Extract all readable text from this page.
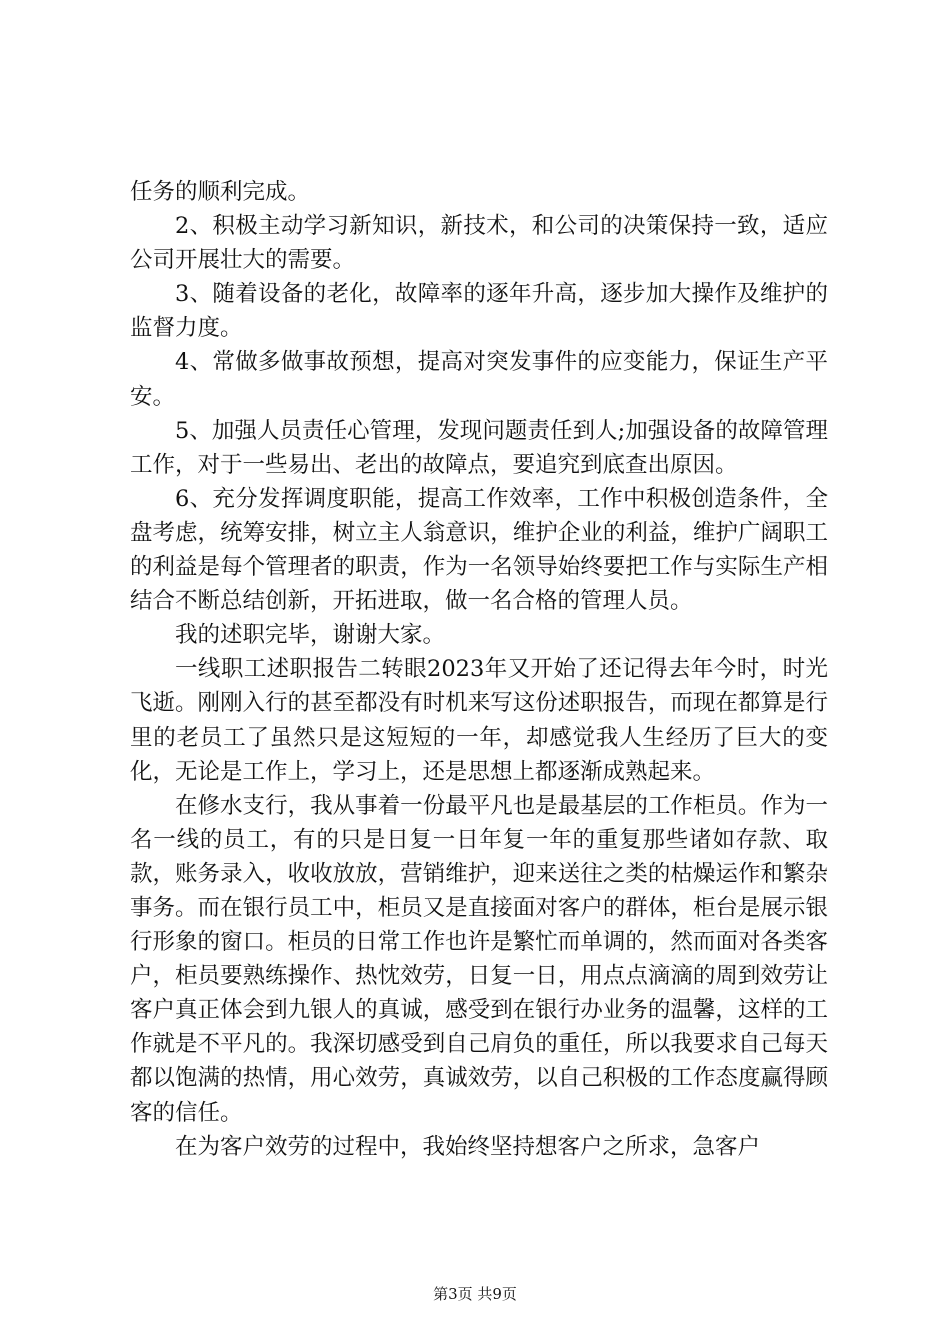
任务的顺利完成。

2、积极主动学习新知识，新技术，和公司的决策保持一致，适应公司开展壮大的需要。

3、随着设备的老化，故障率的逐年升高，逐步加大操作及维护的监督力度。

4、常做多做事故预想，提高对突发事件的应变能力，保证生产平安。

5、加强人员责任心管理，发现问题责任到人;加强设备的故障管理工作，对于一些易出、老出的故障点，要追究到底查出原因。

6、充分发挥调度职能，提高工作效率，工作中积极创造条件，全盘考虑，统筹安排，树立主人翁意识，维护企业的利益，维护广阔职工的利益是每个管理者的职责，作为一名领导始终要把工作与实际生产相结合不断总结创新，开拓进取，做一名合格的管理人员。

我的述职完毕，谢谢大家。

一线职工述职报告二转眼2023年又开始了还记得去年今时，时光飞逝。刚刚入行的甚至都没有时机来写这份述职报告，而现在都算是行里的老员工了虽然只是这短短的一年，却感觉我人生经历了巨大的变化，无论是工作上，学习上，还是思想上都逐渐成熟起来。

在修水支行，我从事着一份最平凡也是最基层的工作柜员。作为一名一线的员工，有的只是日复一日年复一年的重复那些诸如存款、取款，账务录入，收收放放，营销维护，迎来送往之类的枯燥运作和繁杂事务。而在银行员工中，柜员又是直接面对客户的群体，柜台是展示银行形象的窗口。柜员的日常工作也许是繁忙而单调的，然而面对各类客户，柜员要熟练操作、热忱效劳，日复一日，用点点滴滴的周到效劳让客户真正体会到九银人的真诚，感受到在银行办业务的温馨，这样的工作就是不平凡的。我深切感受到自己肩负的重任，所以我要求自己每天都以饱满的热情，用心效劳，真诚效劳，以自己积极的工作态度赢得顾客的信任。

在为客户效劳的过程中，我始终坚持想客户之所求，急客户

第3页 共9页
